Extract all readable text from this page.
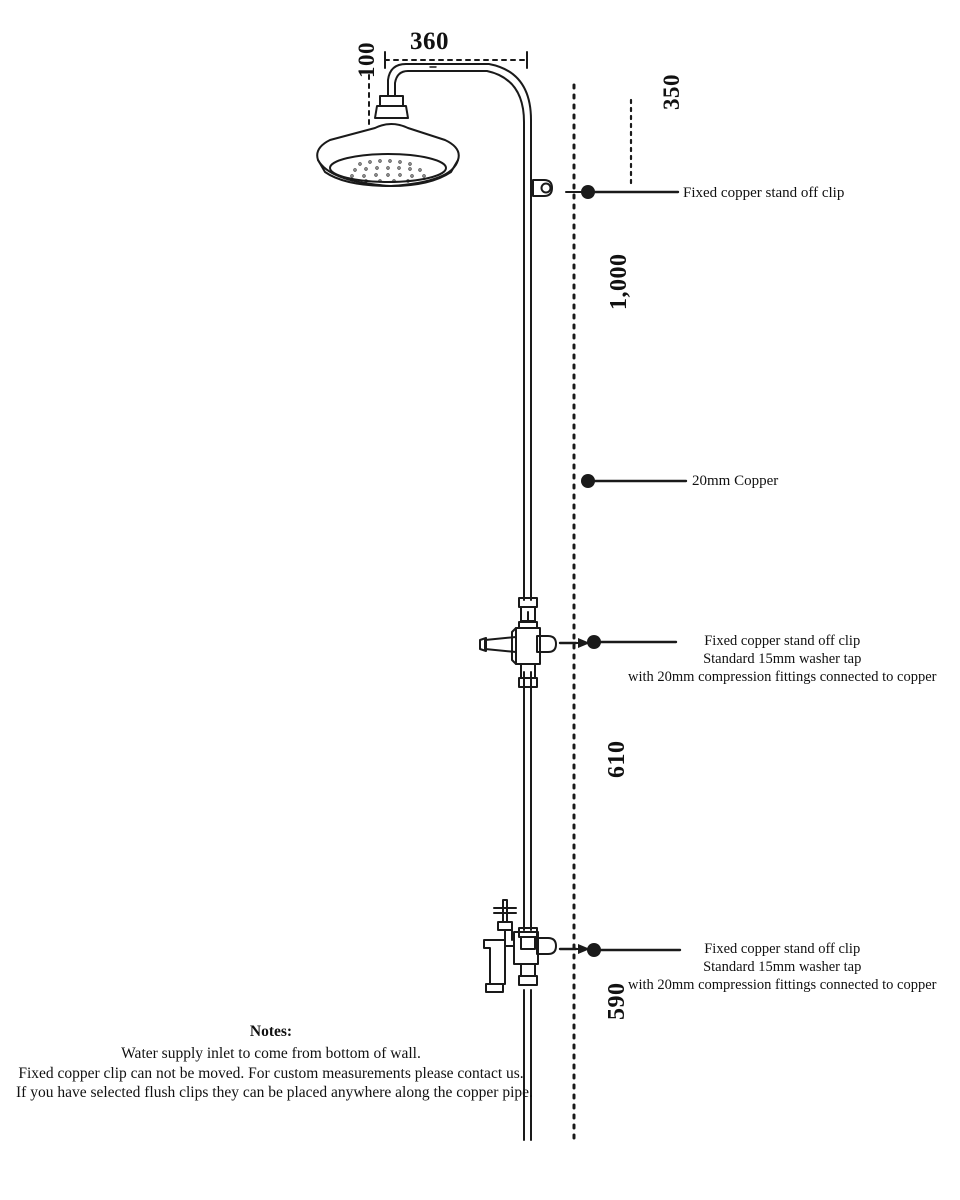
360
100
350
1,000
610
590
Fixed copper stand off clip
20mm Copper
Fixed copper stand off clip
Standard 15mm washer tap
with 20mm compression fittings connected to copper
Fixed copper stand off clip
Standard 15mm washer tap
with 20mm compression fittings connected to copper
Notes:
Water supply inlet to come from bottom of wall.
Fixed copper clip can not be moved. For custom measurements please contact us.
If you have selected flush clips they can be placed anywhere along the copper pipe.
